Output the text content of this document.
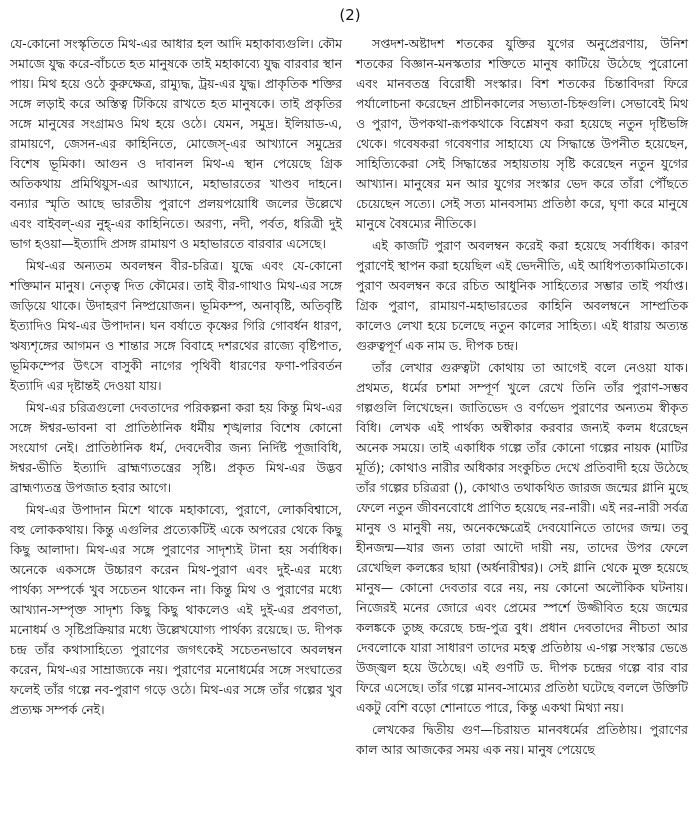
(2)

যে-কোনো সংস্কৃতিতে মিথ-এর আধার হল আদি মহাকাব্যগুলি। কৌম সমাজে যুদ্ধ করে-বাঁচতে হত মানুষকে তাই মহাকাব্যে যুদ্ধ বারবার স্থান পায়। মিথ হয়ে ওঠে কুরুক্ষেত্র, রাম্যুদ্ধ, ট্রয়-এর যুদ্ধ। প্রাকৃতিক শক্তির সঙ্গে লড়াই করে অস্তিত্ব টিকিয়ে রাখতে হত মানুষকে। তাই প্রকৃতির সঙ্গে মানুষের সংগ্রামও মিথ হয়ে ওঠে। যেমন, সমুদ্র। ইলিয়াড-এ, রামায়ণে, জেসন-এর কাহিনিতে, মোজেস্-এর আখ্যানে সমুদ্রের বিশেষ ভূমিকা। আগুন ও দাবানল মিথ-এ স্থান পেয়েছে গ্রিক অতিকথায় প্রমিথিয়ুস-এর আখ্যানে, মহাভারতের খাণ্ডব দাহনে। বন্যার স্মৃতি আছে ভারতীয় পুরাণে প্রলয়পয়োধি জলের উল্লেখে এবং বাইবল্-এর নুহ্-এর কাহিনিতে। অরণ্য, নদী, পর্বত, ধরিত্রী দুই ভাগ হওয়া—ইত্যাদি প্রসঙ্গ রামায়ণ ও মহাভারতে বারবার এসেছে।

মিথ-এর অন্যতম অবলম্বন বীর-চরিত্র। যুদ্ধে এবং যে-কোনো শক্তিমান মানুষ। নেতৃত্ব দিত কৌমের। তাই বীর-গাথাও মিথ-এর সঙ্গে জড়িয়ে থাকে। উদাহরণ নিষ্প্রয়োজন। ভূমিকম্প, অনাবৃষ্টি, অতিবৃষ্টি ইত্যাদিও মিথ-এর উপাদান। ঘন বর্ষাতে কৃষ্ণের গিরি গোবর্ধন ধারণ, ঋষ্যশৃঙ্গের আগমন ও শান্তার সঙ্গে বিবাহে দশরথের রাজ্যে বৃষ্টিপাত, ভূমিকম্পের উৎসে বাসুকী নাগের পৃথিবী ধারণের ফণা-পরিবর্তন ইত্যাদি এর দৃষ্টান্তই দেওয়া যায়।

মিথ-এর চরিত্রগুলো দেবতাদের পরিকল্পনা করা হয় কিন্তু মিথ-এর সঙ্গে ঈশ্বর-ভাবনা বা প্রাতিষ্ঠানিক ধর্মীয় শৃঙ্খলার বিশেষ কোনো সংযোগ নেই। প্রাতিষ্ঠানিক ধর্ম, দেবদেবীর জন্য নির্দিষ্ট পূজাবিধি, ঈশ্বর-ভীতি ইত্যাদি ব্রাহ্মণ্যতন্ত্রের সৃষ্টি। প্রকৃত মিথ-এর উদ্ভব ব্রাহ্মণ্যতন্ত্র উপজাত হবার আগে।

মিথ-এর উপাদান মিশে থাকে মহাকাব্যে, পুরাণে, লোকবিশ্বাসে, বহু লোককথায়। কিন্তু এগুলির প্রত্যেকটিই একে অপরের থেকে কিছু কিছু আলাদা। মিথ-এর সঙ্গে পুরাণের সাদৃশ্যই টানা হয় সর্বাধিক। অনেকে একসঙ্গে উচ্চারণ করেন মিথ-পুরাণ এবং দুই-এর মধ্যে পার্থক্য সম্পর্কে খুব সচেতন থাকেন না। কিন্তু মিথ ও পুরাণের মধ্যে আখ্যান-সম্পৃক্ত সাদৃশ্য কিছু কিছু থাকলেও এই দুই-এর প্রবণতা, মনোধর্ম ও সৃষ্টিপ্রক্রিয়ার মধ্যে উল্লেখযোগ্য পার্থক্য রয়েছে। ড. দীপক চন্দ্র তাঁর কথাসাহিত্যে পুরাণের জগৎকেই সচেতনভাবে অবলম্বন করেন, মিথ-এর সাম্রাজ্যকে নয়। পুরাণের মনোধর্মের সঙ্গে সংঘাতের ফলেই তাঁর গল্পে নব-পুরাণ গড়ে ওঠে। মিথ-এর সঙ্গে তাঁর গল্পের খুব প্রত্যক্ষ সম্পর্ক নেই।

সপ্তদশ-অষ্টাদশ শতকের যুক্তির যুগের অনুপ্রেরণায়, উনিশ শতকের বিজ্ঞান-মনস্কতার শক্তিতে মানুষ কাটিয়ে উঠেছে পুরোনো এবং মানবতন্ত্র বিরোধী সংস্কার। বিশ শতকের চিন্তাবিদরা ফিরে পর্যালোচনা করেছেন প্রাচীনকালের সভ্যতা-চিহ্নগুলি। সেভাবেই মিথ ও পুরাণ, উপকথা-রূপকথাকে বিশ্লেষণ করা হয়েছে নতুন দৃষ্টিভঙ্গি থেকে। গবেষকরা গবেষণার সাহায্যে যে সিদ্ধান্তে উপনীত হয়েছেন, সাহিত্যিকেরা সেই সিদ্ধান্তের সহায়তায় সৃষ্টি করেছেন নতুন যুগের আখ্যান। মানুষের মন আর যুগের সংস্কার ভেদ করে তাঁরা পৌঁছতে চেয়েছেন সত্যে। সেই সত্য মানবসাম্য প্রতিষ্ঠা করে, ঘৃণা করে মানুষে মানুষে বৈষম্যের নীতিকে।

এই কাজটি পুরাণ অবলম্বন করেই করা হয়েছে সর্বাধিক। কারণ পুরাণেই স্থাপন করা হয়েছিল এই ভেদনীতি, এই আধিপত্যকামিতাকে। পুরাণ অবলম্বন করে রচিত আধুনিক সাহিত্যের সম্ভার তাই পর্যাপ্ত। গ্রিক পুরাণ, রামায়ণ-মহাভারতের কাহিনি অবলম্বনে সাম্প্রতিক কালেও লেখা হয়ে চলেছে নতুন কালের সাহিত্য। এই ধারায় অত্যন্ত গুরুত্বপূর্ণ এক নাম ড. দীপক চন্দ্র।

তাঁর লেখার গুরুত্বটা কোথায় তা আগেই বলে নেওয়া যাক। প্রথমত, ধর্মের চশমা সম্পূর্ণ খুলে রেখে তিনি তাঁর পুরাণ-সম্ভব গল্পগুলি লিখেছেন। জাতিভেদ ও বর্ণভেদ পুরাণের অন্যতম স্বীকৃত বিধি। লেখক এই পার্থক্য অস্বীকার করবার জন্যই কলম ধরেছেন অনেক সময়ে। তাই একাধিক গল্পে তাঁর কোনো গল্পের নায়ক (মাটির মূর্তি); কোথাও নারীর অধিকার সংকুচিত দেখে প্রতিবাদী হয়ে উঠেছে তাঁর গল্পের চরিত্ররা (), কোথাও তথাকথিত জারজ জন্মের গ্লানি মুছে ফেলে নতুন জীবনবোধে প্রাণিত হয়েছে নর-নারী। এই নর-নারী সর্বত্র মানুষ ও মানুষী নয়, অনেকক্ষেত্রেই দেবযোনিতে তাদের জন্ম। তবু হীনজন্ম—যার জন্য তারা আদৌ দায়ী নয়, তাদের উপর ফেলে রেখেছিল কলঙ্কের ছায়া (অর্ধনারীশ্বর)। সেই গ্লানি থেকে মুক্ত হয়েছে মানুষ— কোনো দেবতার বরে নয়, নয় কোনো অলৌকিক ঘটনায়। নিজেরই মনের জোরে এবং প্রেমের স্পর্শে উজ্জীবিত হয়ে জন্মের কলঙ্ককে তুচ্ছ করেছে চন্দ্র-পুত্র বুধ। প্রধান দেবতাদের নীচতা আর দেবলোকে যারা সাধারণ তাদের মহত্ব প্রতিষ্ঠায় এ-গল্প সংস্কার ভেঙে উজ্জ্বল হয়ে উঠেছে। এই গুণটি ড. দীপক চন্দ্রের গল্পে বার বার ফিরে এসেছে। তাঁর গল্পে মানব-সাম্যের প্রতিষ্ঠা ঘটেছে বললে উক্তিটি একটু বেশি বড়ো শোনাতে পারে, কিন্তু একথা মিথ্যা নয়।

লেখকের দ্বিতীয় গুণ—চিরায়ত মানবধর্মের প্রতিষ্ঠায়। পুরাণের কাল আর আজকের সময় এক নয়। মানুষ পেয়েছে
